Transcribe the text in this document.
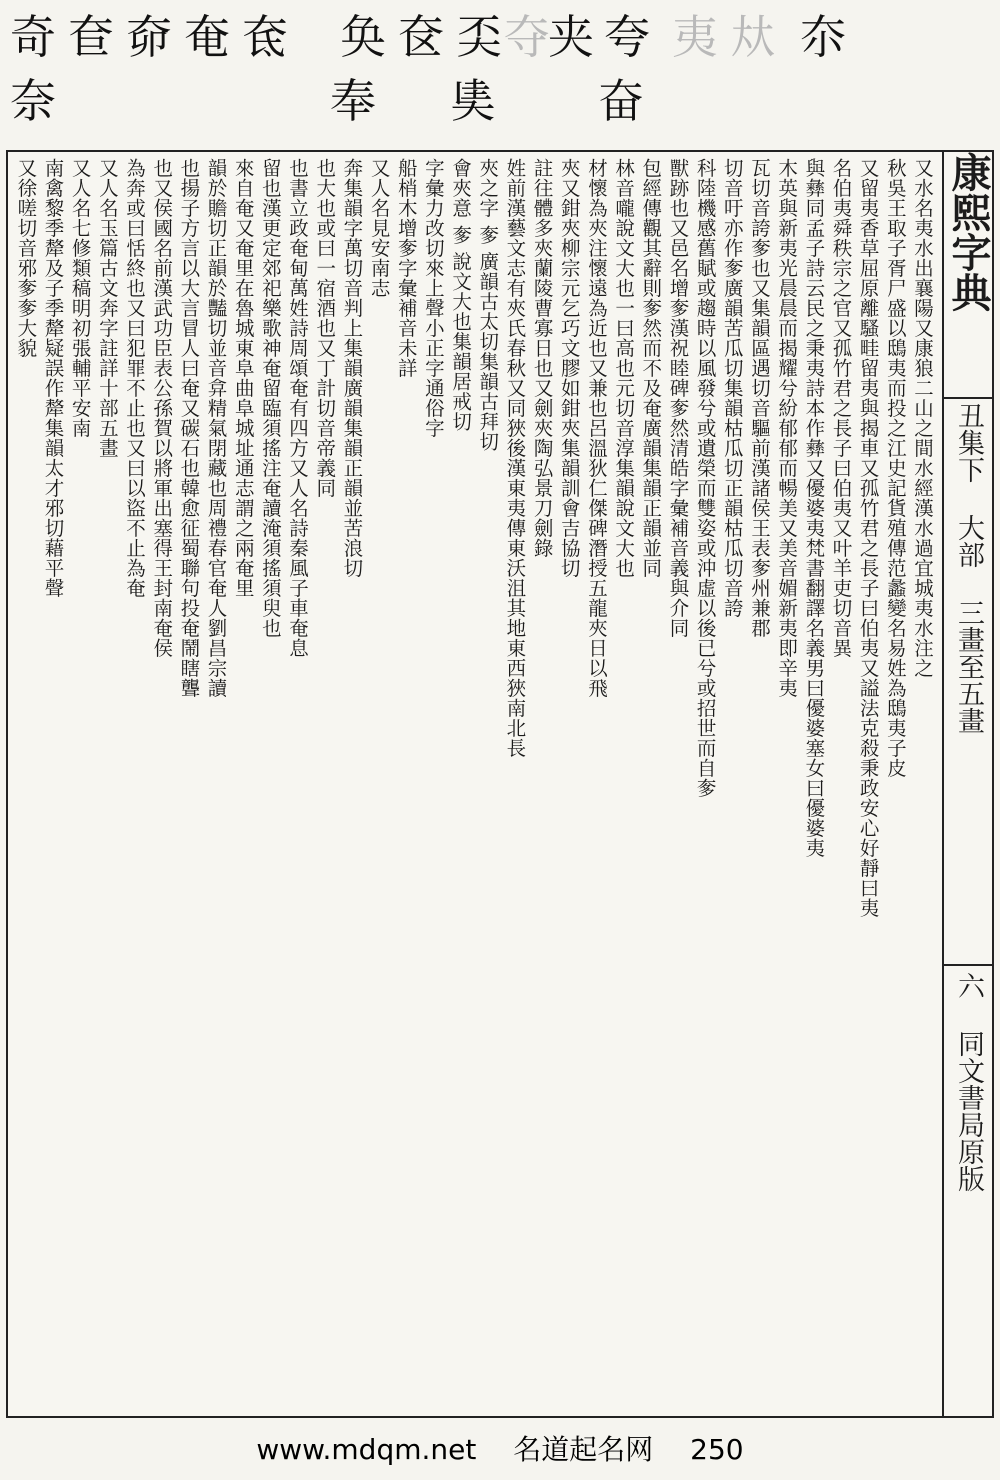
奇 奆 奅 奄 奃 奂 奁 奀 夺
夹 夸 夷 夶 夵
奈	奉 奊 奋
又水名夷水出襄陽又康狼二山之間水經漢水過宜城夷水注之
秋吳王取子胥尸盛以鴟夷而投之江史記貨殖傳范蠡變名易姓為鴟夷子皮
又留夷香草屈原離騷畦留夷與揭車又孤竹君之長子曰伯夷又謚法克殺秉政安心好靜曰夷
名伯夷舜秩宗之官又孤竹君之長子曰伯夷又叶羊吏切音異
與彝同孟子詩云民之秉夷詩本作彝又優婆夷梵書翻譯名義男曰優婆塞女曰優婆夷
木英與新夷光晨晨而揭耀兮紛郁郁而暢美又美音媚新夷即辛夷
瓦切音誇奓也又集韻區遇切音驅前漢諸侯王表奓州兼郡
切音吁亦作奓廣韻苦瓜切集韻枯瓜切正韻枯瓜切音誇
科陸機感舊賦或趨時以風發兮或遺榮而雙姿或沖虛以後已兮或招世而自奓
獸跡也又邑名增奓漢祝睦碑奓然清皓字彙補音義與介同
包經傳觀其辭則奓然而不及奄廣韻集韻正韻並同
林音嚨說文大也一曰高也元切音淳集韻說文大也
材懷為夾注懷遠為近也又兼也呂溫狄仁傑碑潛授五龍夾日以飛
夾又鉗夾柳宗元乞巧文膠如鉗夾集韻訓會吉協切
註往體多夾蘭陵曹寡日也又劍夾陶弘景刀劍錄
姓前漢藝文志有夾氏春秋又同狹後漢東夷傳東沃沮其地東西狹南北長
夾之字 奓 廣韻古太切集韻古拜切
會夾意 奓 說文大也集韻居戒切
字彙力改切來上聲小正字通俗字
船梢木增奓字彙補音未詳
又人名見安南志
奔集韻字萬切音判上集韻廣韻集韻正韻並苦浪切
也大也或曰一宿酒也又丁計切音帝義同
也書立政奄甸萬姓詩周頌奄有四方又人名詩秦風子車奄息
留也漢更定郊祀樂歌神奄留臨須搖注奄讀淹須搖須臾也
來自奄又奄里在魯城東阜曲阜城址通志謂之兩奄里
韻於贍切正韻於豔切並音弇精氣閉藏也周禮春官奄人劉昌宗讀
也揚子方言以大言冒人曰奄又碳石也韓愈征蜀聯句投奄鬧瞎聾
也又侯國名前漢武功臣表公孫賀以將軍出塞得王封南奄侯
為奔或曰恬終也又曰犯罪不止也又曰以盜不止為奄
又人名玉篇古文奔字註詳十部五畫
又人名七修類稿明初張輔平安南
南禽黎季犛及子季犛疑誤作犛集韻太才邪切藉平聲
又徐嗟切音邪奓奓大貌	康熙字典
丑集下 大部 三畫至五畫
六 同文書局原版
www.mdqm.net 名道起名网 250
